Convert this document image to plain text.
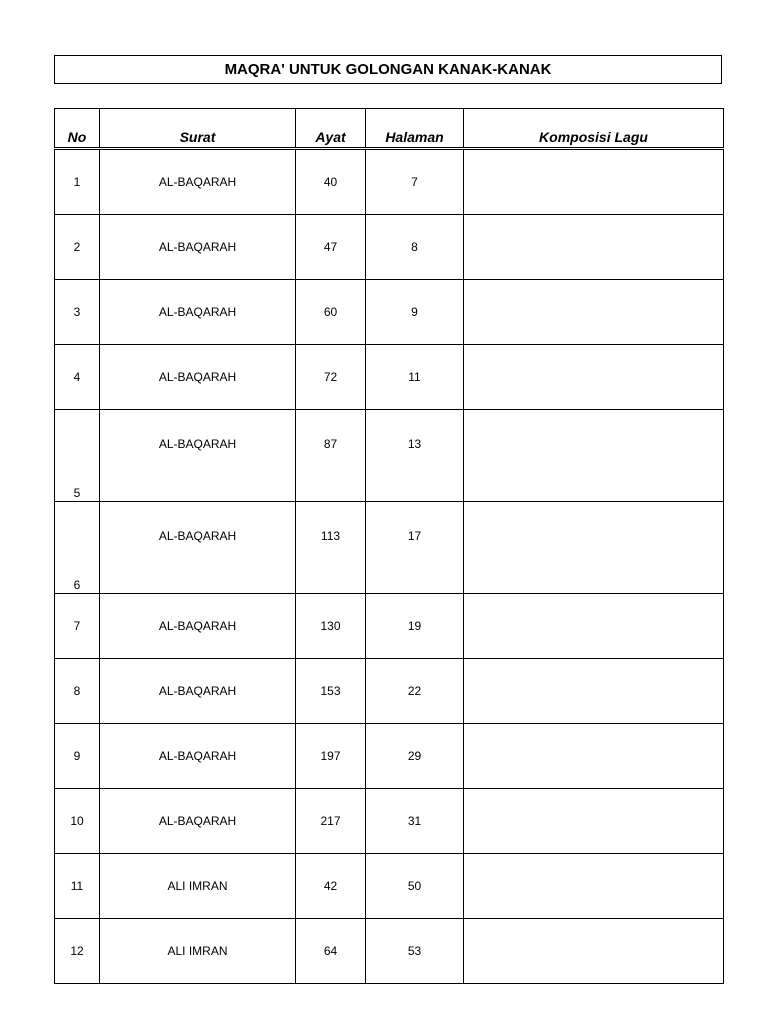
MAQRA' UNTUK GOLONGAN KANAK-KANAK
No	Surat	Ayat	Halaman	Komposisi Lagu
1	AL-BAQARAH	40	7	
2	AL-BAQARAH	47	8	
3	AL-BAQARAH	60	9	
4	AL-BAQARAH	72	11	
5	AL-BAQARAH	87	13	
6	AL-BAQARAH	113	17	
7	AL-BAQARAH	130	19	
8	AL-BAQARAH	153	22	
9	AL-BAQARAH	197	29	
10	AL-BAQARAH	217	31	
11	ALI IMRAN	42	50	
12	ALI IMRAN	64	53	
